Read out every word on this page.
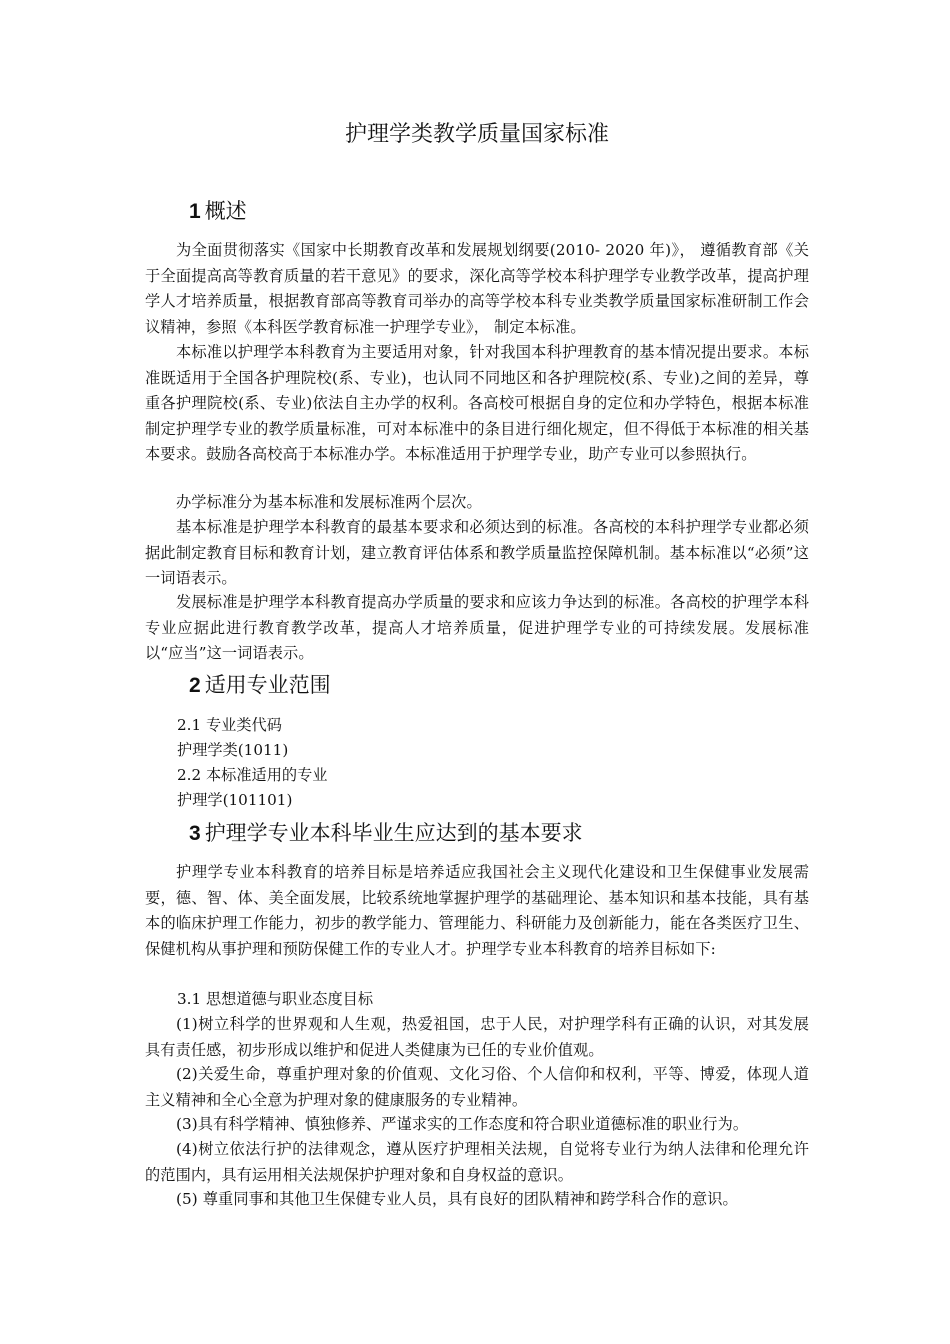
护理学类教学质量国家标准
1 概述

为全面贯彻落实《国家中长期教育改革和发展规划纲要(2010- 2020 年)》， 遵循教育部《关于全面提高高等教育质量的若干意见》的要求，深化高等学校本科护理学专业教学改革，提高护理学人才培养质量，根据教育部高等教育司举办的高等学校本科专业类教学质量国家标准研制工作会议精神，参照《本科医学教育标准一护理学专业》， 制定本标准。

本标准以护理学本科教育为主要适用对象，针对我国本科护理教育的基本情况提出要求。本标准既适用于全国各护理院校(系、专业)，也认同不同地区和各护理院校(系、专业)之间的差异，尊重各护理院校(系、专业)依法自主办学的权利。各高校可根据自身的定位和办学特色，根据本标准制定护理学专业的教学质量标准，可对本标准中的条目进行细化规定，但不得低于本标准的相关基本要求。鼓励各高校高于本标准办学。本标准适用于护理学专业，助产专业可以参照执行。

办学标准分为基本标准和发展标准两个层次。

基本标准是护理学本科教育的最基本要求和必须达到的标准。各高校的本科护理学专业都必须据此制定教育目标和教育计划，建立教育评估体系和教学质量监控保障机制。基本标准以“必须”这一词语表示。

发展标准是护理学本科教育提高办学质量的要求和应该力争达到的标准。各高校的护理学本科专业应据此进行教育教学改革，提高人才培养质量，促进护理学专业的可持续发展。发展标准以“应当”这一词语表示。

2 适用专业范围

2.1 专业类代码

护理学类(1011)

2.2 本标准适用的专业

护理学(101101)

3 护理学专业本科毕业生应达到的基本要求

护理学专业本科教育的培养目标是培养适应我国社会主义现代化建设和卫生保健事业发展需要，德、智、体、美全面发展，比较系统地掌握护理学的基础理论、基本知识和基本技能，具有基本的临床护理工作能力，初步的教学能力、管理能力、科研能力及创新能力，能在各类医疗卫生、保健机构从事护理和预防保健工作的专业人才。护理学专业本科教育的培养目标如下:

3.1 思想道德与职业态度目标

(1)树立科学的世界观和人生观，热爱祖国，忠于人民，对护理学科有正确的认识，对其发展具有责任感，初步形成以维护和促进人类健康为已任的专业价值观。

(2)关爱生命，尊重护理对象的价值观、文化习俗、个人信仰和权利，平等、博爱，体现人道主义精神和全心全意为护理对象的健康服务的专业精神。

(3)具有科学精神、慎独修养、严谨求实的工作态度和符合职业道德标准的职业行为。

(4)树立依法行护的法律观念，遵从医疗护理相关法规，自觉将专业行为纳人法律和伦理允许的范围内，具有运用相关法规保护护理对象和自身权益的意识。

(5) 尊重同事和其他卫生保健专业人员，具有良好的团队精神和跨学科合作的意识。
